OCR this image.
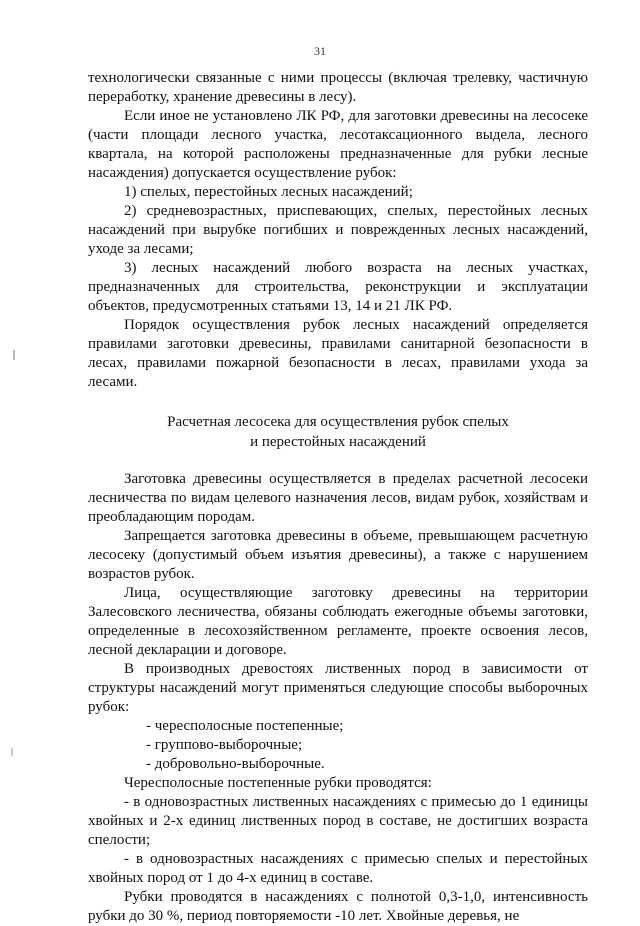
31

технологически связанные с ними процессы (включая трелевку, частичную переработку, хранение древесины в лесу).

Если иное не установлено ЛК РФ, для заготовки древесины на лесосеке (части площади лесного участка, лесотаксационного выдела, лесного квартала, на которой расположены предназначенные для рубки лесные насаждения) допускается осуществление рубок:

1) спелых, перестойных лесных насаждений;

2) средневозрастных, приспевающих, спелых, перестойных лесных насаждений при вырубке погибших и поврежденных лесных насаждений, уходе за лесами;

3) лесных насаждений любого возраста на лесных участках, предназначенных для строительства, реконструкции и эксплуатации объектов, предусмотренных статьями 13, 14 и 21 ЛК РФ.

Порядок осуществления рубок лесных насаждений определяется правилами заготовки древесины, правилами санитарной безопасности в лесах, правилами пожарной безопасности в лесах, правилами ухода за лесами.

Расчетная лесосека для осуществления рубок спелых

и перестойных насаждений

Заготовка древесины осуществляется в пределах расчетной лесосеки лесничества по видам целевого назначения лесов, видам рубок, хозяйствам и преобладающим породам.

Запрещается заготовка древесины в объеме, превышающем расчетную лесосеку (допустимый объем изъятия древесины), а также с нарушением возрастов рубок.

Лица, осуществляющие заготовку древесины на территории Залесовского лесничества, обязаны соблюдать ежегодные объемы заготовки, определенные в лесохозяйственном регламенте, проекте освоения лесов, лесной декларации и договоре.

В производных древостоях лиственных пород в зависимости от структуры насаждений могут применяться следующие способы выборочных рубок:

- чересполосные постепенные;

- группово-выборочные;

- добровольно-выборочные.

Чересполосные постепенные рубки проводятся:

- в одновозрастных лиственных насаждениях с примесью до 1 единицы хвойных и 2-х единиц лиственных пород в составе, не достигших возраста спелости;

- в одновозрастных насаждениях с примесью спелых и перестойных хвойных пород от 1 до 4-х единиц в составе.

Рубки проводятся в насаждениях с полнотой 0,3-1,0, интенсивность рубки до 30 %, период повторяемости -10 лет. Хвойные деревья, не
